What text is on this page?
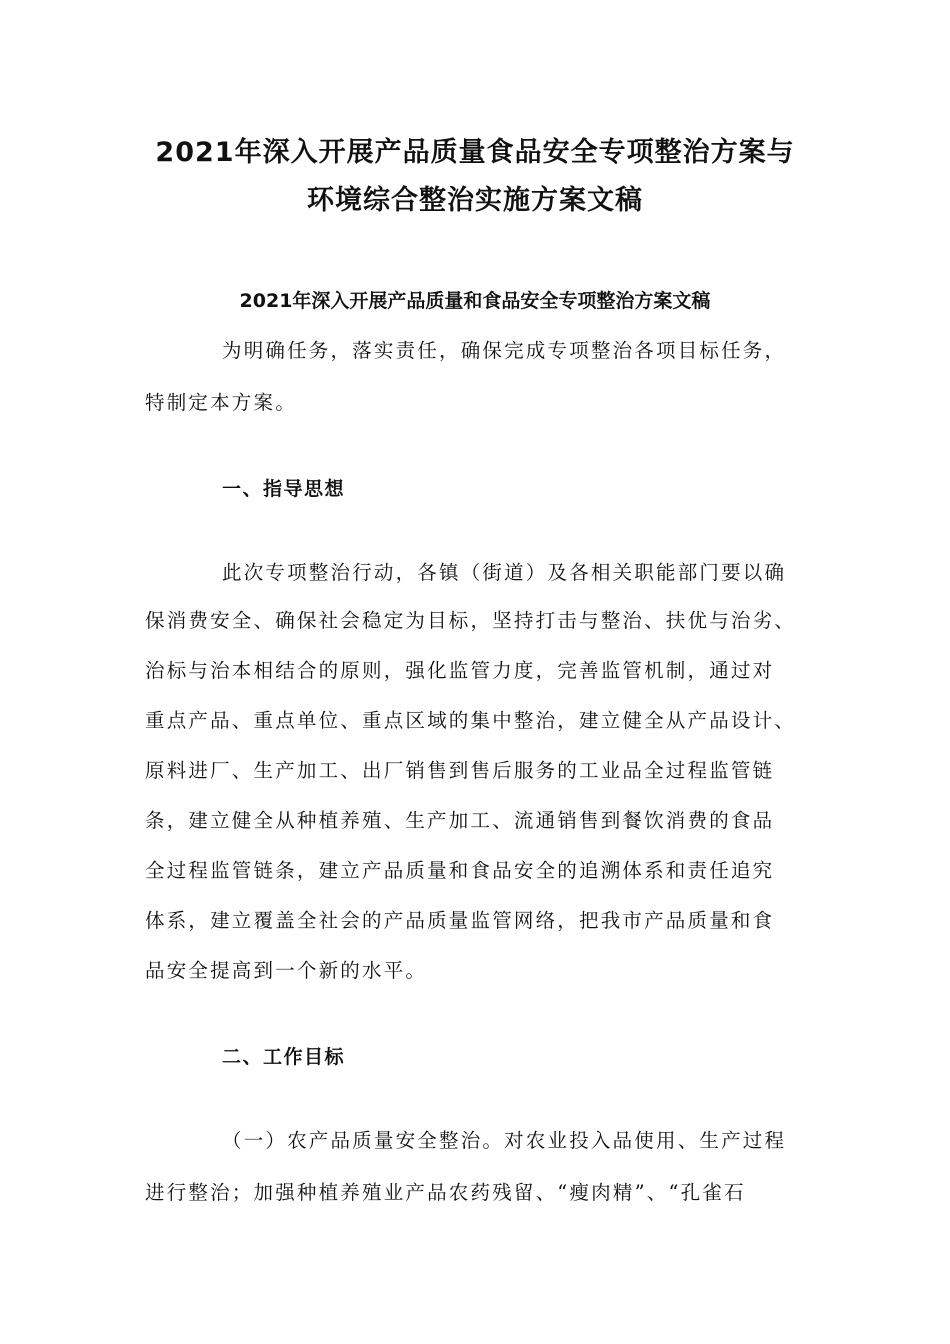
2021年深入开展产品质量食品安全专项整治方案与
环境综合整治实施方案文稿
2021年深入开展产品质量和食品安全专项整治方案文稿

为明确任务，落实责任，确保完成专项整治各项目标任务，

特制定本方案。

一、指导思想

此次专项整治行动，各镇（街道）及各相关职能部门要以确

保消费安全、确保社会稳定为目标，坚持打击与整治、扶优与治劣、

治标与治本相结合的原则，强化监管力度，完善监管机制，通过对

重点产品、重点单位、重点区域的集中整治，建立健全从产品设计、

原料进厂、生产加工、出厂销售到售后服务的工业品全过程监管链

条，建立健全从种植养殖、生产加工、流通销售到餐饮消费的食品

全过程监管链条，建立产品质量和食品安全的追溯体系和责任追究

体系，建立覆盖全社会的产品质量监管网络，把我市产品质量和食

品安全提高到一个新的水平。

二、工作目标

（一）农产品质量安全整治。对农业投入品使用、生产过程

进行整治；加强种植养殖业产品农药残留、“瘦肉精”、“孔雀石
